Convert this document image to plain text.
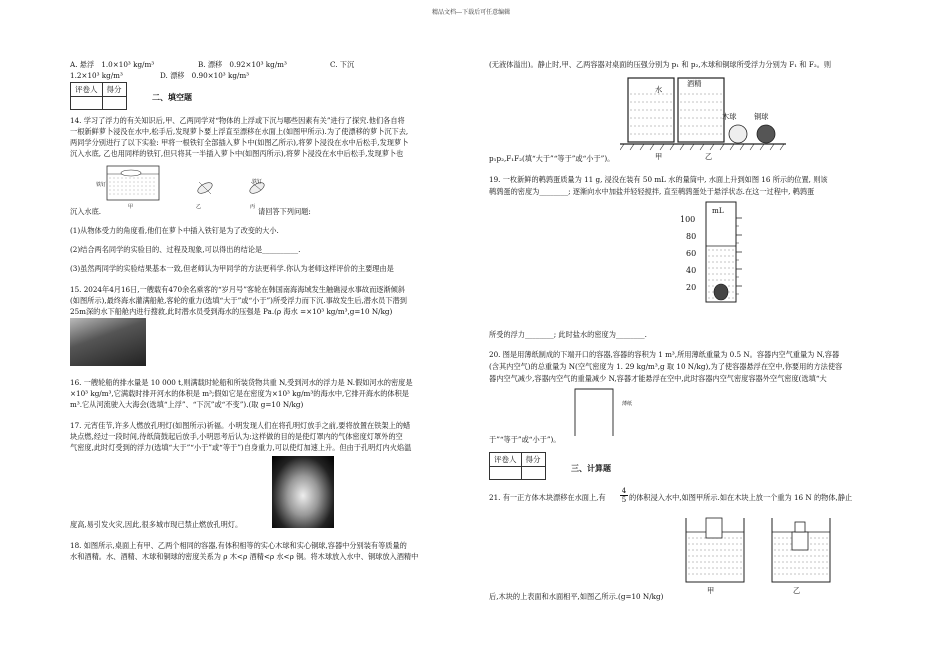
精品文档---下载后可任意编辑
A. 悬浮　1.0×10³ kg/m³	B. 漂移　0.92×10³ kg/m³	C. 下沉
1.2×10³ kg/m³	D. 漂移　0.90×10³ kg/m³
评卷人	得分

二、填空题
14. 学习了浮力的有关知识后,甲、乙两同学对“物体的上浮或下沉与哪些因素有关”进行了探究.他们各自将
一根新鲜萝卜浸没在水中,松手后,发现萝卜要上浮直至漂移在水面上(如图甲所示).为了使漂移的萝卜沉下去,
两同学分别进行了以下实验: 甲将一根铁钉全部插入萝卜中(如图乙所示),将萝卜浸没在水中后松手,发现萝卜
沉入水底, 乙也用同样的铁钉,但只将其一半插入萝卜中(如图丙所示),将萝卜浸没在水中后松手,发现萝卜也
铁钉	铁钉
甲	乙	丙
沉入水底.	请回答下列问题:
(1)从物体受力的角度看,他们在萝卜中插入铁钉是为了改变的大小.
(2)结合两名同学的实验目的、过程及现象,可以得出的结论是__________.
(3)虽然两同学的实验结果基本一致,但老师认为甲同学的方法更科学.你认为老师这样评价的主要理由是
15. 2024年4月16日,一艘载有470余名乘客的“岁月号”客轮在韩国南海海域发生触礁浸水事故而逐渐倾斜
(如图所示),最终海水灌满船舱,客轮的重力(选填“大于”或“小于”)所受浮力而下沉.事故发生后,潜水员下潜到
25m深的水下船舱内进行搜救,此时潜水员受到海水的压强是 Pa.(ρ 海水 =×10³ kg/m³,g=10 N/kg)
16. 一艘轮船的排水量是 10 000 t,则满载时轮船和所装货物共重 N,受到河水的浮力是 N.假如河水的密度是
×10³ kg/m³,它满载时排开河水的体积是 m³;假如它是在密度为×10³ kg/m³的海水中,它排开海水的体积是
m³.它从河流驶入大海会(选填“上浮”、“下沉”或“不变”).(取 g=10 N/kg)
17. 元宵佳节,许多人燃放孔明灯(如图所示)祈福。小明发现人们在将孔明灯放手之前,要将放置在铁架上的蜡
块点燃,经过一段时间,待纸筒鼓起后放手,小明思考后认为:这样做的目的是使灯罩内的气体密度灯罩外的空
气密度,此时灯受到的浮力(选填“大于”“小于”或“等于”)自身重力,可以使灯加速上升。但由于孔明灯内火焰温
度高,易引发火灾,因此,很多城市现已禁止燃放孔明灯。
18. 如图所示,桌面上有甲、乙两个相同的容器,有体积相等的实心木球和实心铜球,容器中分别装有等质量的
水和酒精。水、酒精、木球和铜球的密度关系为 ρ 木<ρ 酒精<ρ 水<ρ 铜。将木球放入水中、铜球放入酒精中
(无液体溢出)。静止时,甲、乙两容器对桌面的压强分别为 p₁ 和 p₂,木球和铜球所受浮力分别为 F₁ 和 F₂。则
水
酒精
木球 铜球
甲	乙
p₁p₂,F₁F₂(填“大于”“等于”或“小于”)。
19. 一枚新鲜的鹌鹑蛋质量为 11 g, 浸没在装有 50 mL 水的量筒中, 水面上升到如图 16 所示的位置, 则该
鹌鹑蛋的密度为________; 逐渐向水中加盐并轻轻搅拌, 直至鹌鹑蛋处于悬浮状态.在这一过程中, 鹌鹑蛋
mL
100
80
60
40
20
所受的浮力________; 此时盐水的密度为________.
20. 图是用薄纸制成的下端开口的容器,容器的容积为 1 m³,所用薄纸重量为 0.5 N。容器内空气重量为 N,容器
(含其内空气)的总重量为 N(空气密度为 1. 29 kg/m³,g 取 10 N/kg),为了使容器悬浮在空中,你要用的方法使容
器内空气减少,容器内空气的重量减少 N,容器才能悬浮在空中,此时容器内空气密度容器外空气密度(选填“大
薄纸
于”“等于”或“小于”)。
评卷人	得分

三、计算题
21. 有一正方体木块漂移在水面上,有 $\frac{4}{5}$ 的体积浸入水中,如图甲所示.如在木块上放一个重为 16 N 的物体,静止
甲	乙
后,木块的上表面和水面相平,如图乙所示.(g=10 N/kg)
